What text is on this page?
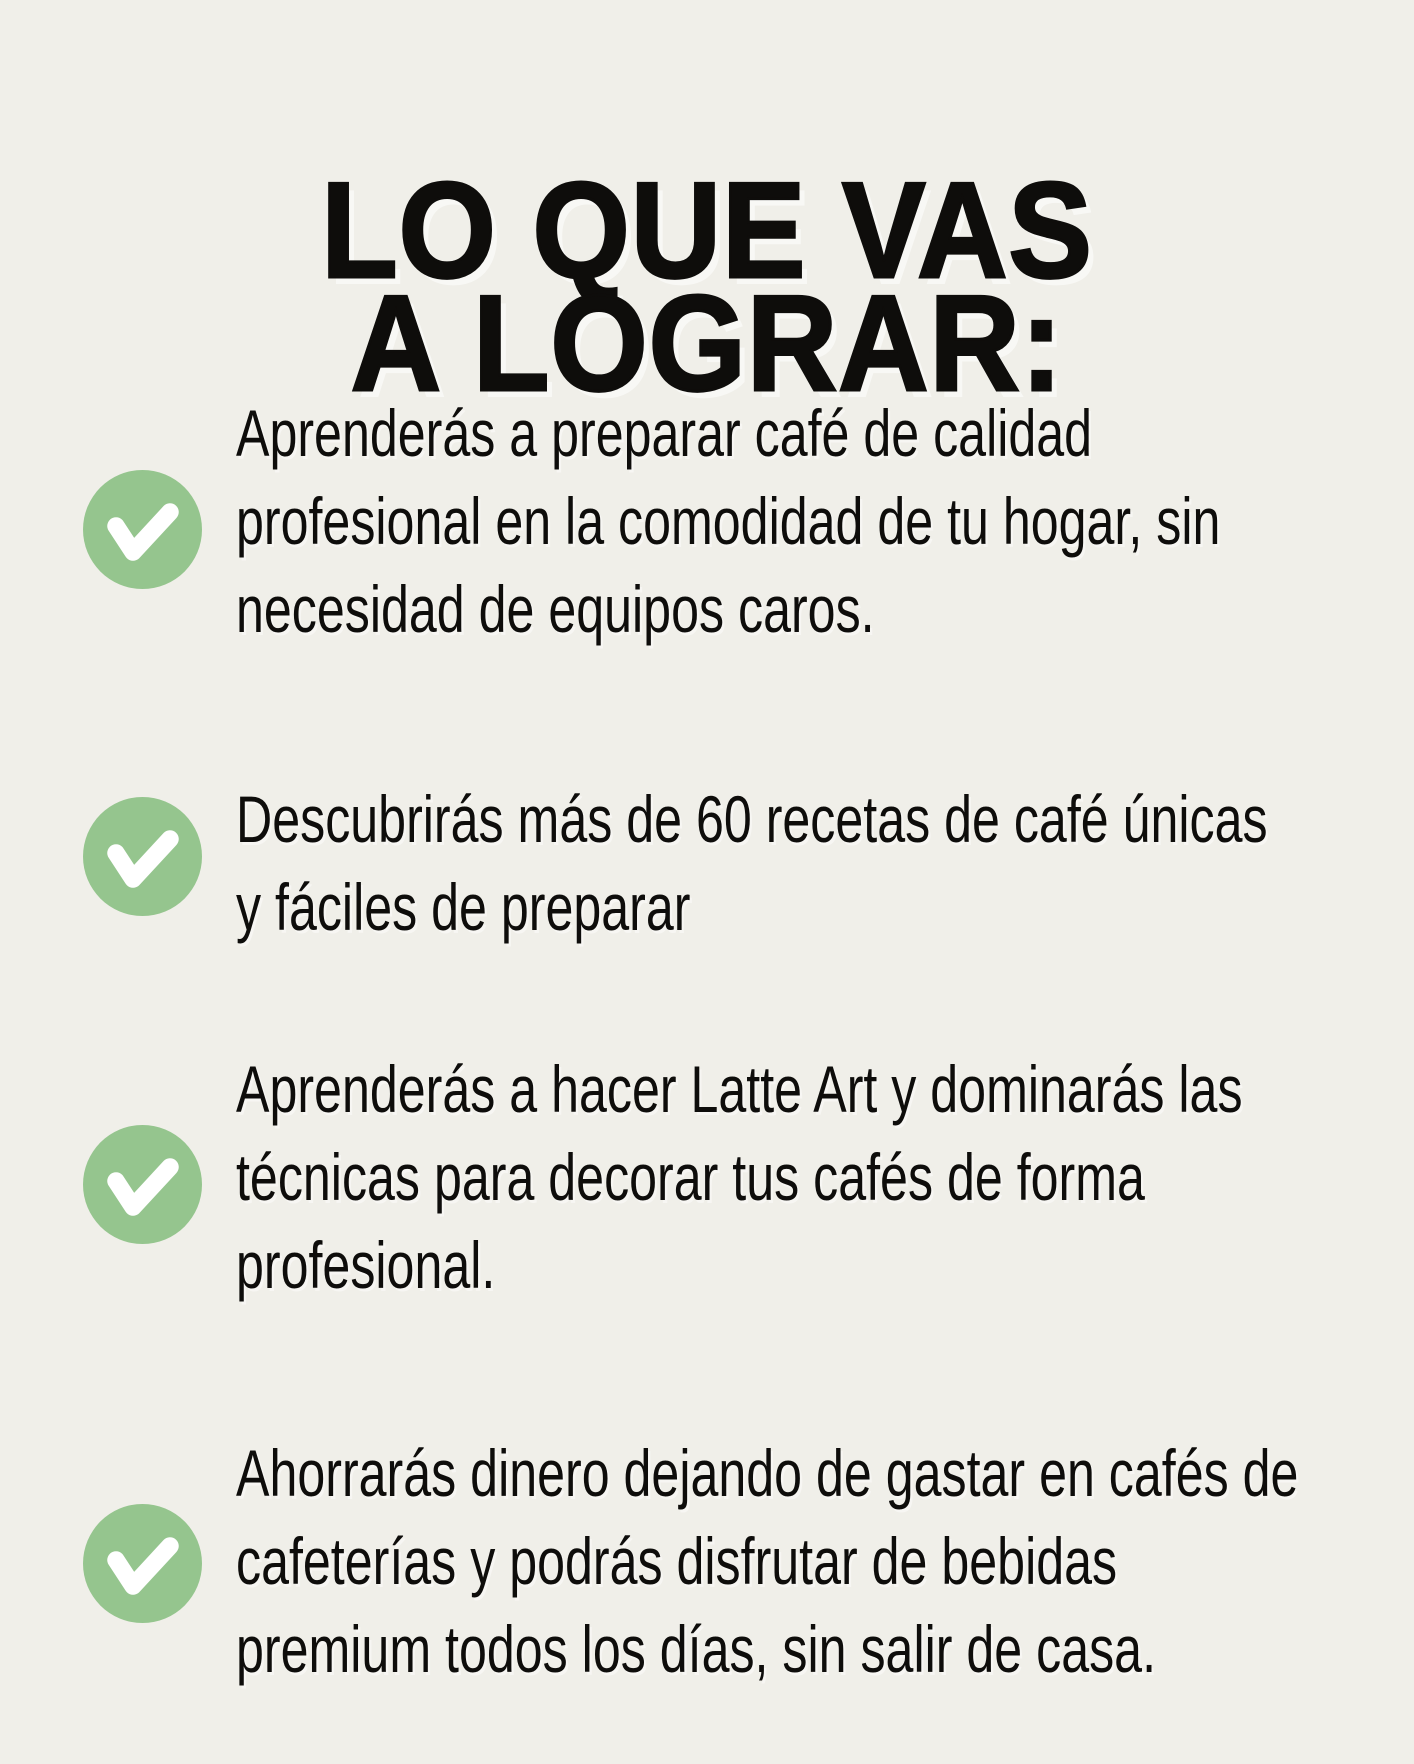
LO QUE VAS
A LOGRAR:
Aprenderás a preparar café de calidad
profesional en la comodidad de tu hogar, sin
necesidad de equipos caros.
Descubrirás más de 60 recetas de café únicas
y fáciles de preparar
Aprenderás a hacer Latte Art y dominarás las
técnicas para decorar tus cafés de forma
profesional.
Ahorrarás dinero dejando de gastar en cafés de
cafeterías y podrás disfrutar de bebidas
premium todos los días, sin salir de casa.
